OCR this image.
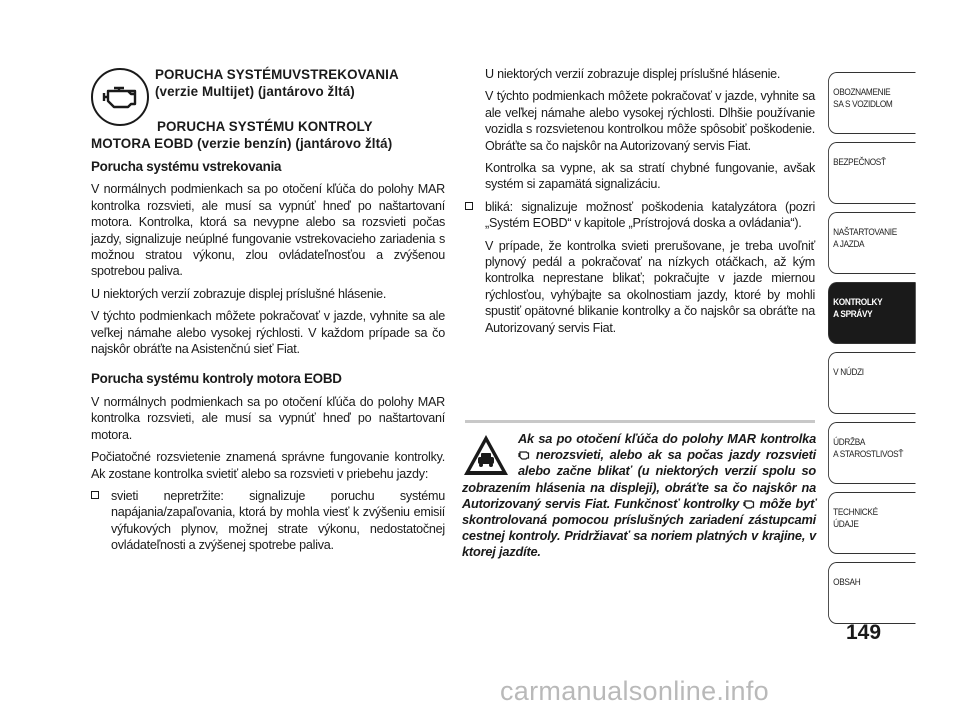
PORUCHA SYSTÉMUVSTREKOVANIA
(verzie Multijet) (jantárovo žltá)
PORUCHA SYSTÉMU KONTROLY
MOTORA EOBD (verzie benzín) (jantárovo žltá)
Porucha systému vstrekovania

V normálnych podmienkach sa po otočení kľúča do polohy MAR kontrolka rozsvieti, ale musí sa vypnúť hneď po naštartovaní motora. Kontrolka, ktorá sa nevypne alebo sa rozsvieti počas jazdy, signalizuje neúplné fungovanie vstrekovacieho zariadenia s možnou stratou výkonu, zlou ovládateľnosťou a zvýšenou spotrebou paliva.

U niektorých verzií zobrazuje displej príslušné hlásenie.

V týchto podmienkach môžete pokračovať v jazde, vyhnite sa ale veľkej námahe alebo vysokej rýchlosti. V každom prípade sa čo najskôr obráťte na Asistenčnú sieť Fiat.

Porucha systému kontroly motora EOBD

V normálnych podmienkach sa po otočení kľúča do polohy MAR kontrolka rozsvieti, ale musí sa vypnúť hneď po naštartovaní motora.

Počiatočné rozsvietenie znamená správne fungovanie kontrolky. Ak zostane kontrolka svietiť alebo sa rozsvieti v priebehu jazdy:

svieti nepretržite: signalizuje poruchu systému napájania/zapaľovania, ktorá by mohla viesť k zvýšeniu emisií výfukových plynov, možnej strate výkonu, nedostatočnej ovládateľnosti a zvýšenej spotrebe paliva.

U niektorých verzií zobrazuje displej príslušné hlásenie.

V týchto podmienkach môžete pokračovať v jazde, vyhnite sa ale veľkej námahe alebo vysokej rýchlosti. Dlhšie používanie vozidla s rozsvietenou kontrolkou môže spôsobiť poškodenie. Obráťte sa čo najskôr na Autorizovaný servis Fiat.

Kontrolka sa vypne, ak sa stratí chybné fungovanie, avšak systém si zapamätá signalizáciu.

bliká: signalizuje možnosť poškodenia katalyzátora (pozri „Systém EOBD“ v kapitole „Prístrojová doska a ovládania“).

V prípade, že kontrolka svieti prerušovane, je treba uvoľniť plynový pedál a pokračovať na nízkych otáčkach, až kým kontrolka neprestane blikať; pokračujte v jazde miernou rýchlosťou, vyhýbajte sa okolnostiam jazdy, ktoré by mohli spustiť opätovné blikanie kontrolky a čo najskôr sa obráťte na Autorizovaný servis Fiat.

Ak sa po otočení kľúča do polohy MAR kontrolka  nerozsvieti, alebo ak sa počas jazdy rozsvieti alebo začne blikať (u niektorých verzií spolu so zobrazením hlásenia na displeji), obráťte sa čo najskôr na Autorizovaný servis Fiat. Funkčnosť kontrolky môže byť skontrolovaná pomocou príslušných zariadení zástupcami cestnej kontroly. Pridržiavať sa noriem platných v krajine, v ktorej jazdíte.
OBOZNAMENIE
SA S VOZIDLOM
BEZPEČNOSŤ
NAŠTARTOVANIE
A JAZDA
KONTROLKY
A SPRÁVY
V NÚDZI
ÚDRŽBA
A STAROSTLIVOSŤ
TECHNICKÉ
ÚDAJE
OBSAH
149
carmanualsonline.info
